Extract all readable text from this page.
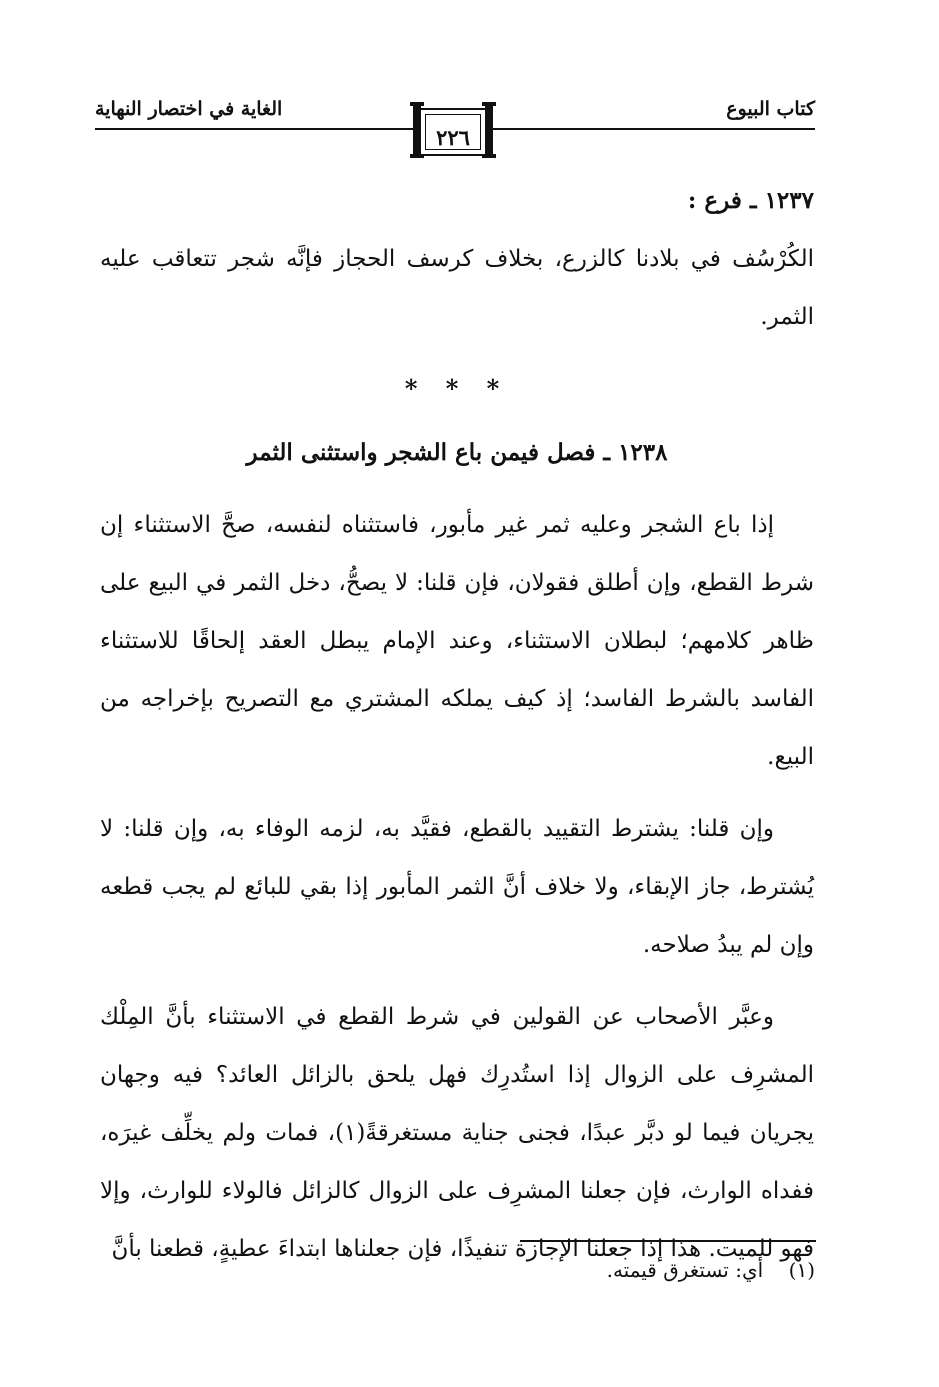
كتاب البيوع
الغاية في اختصار النهاية
٢٢٦

١٢٣٧ ـ فرع :

الكُرْسُف في بلادنا كالزرع، بخلاف كرسف الحجاز فإنَّه شجر تتعاقب عليه الثمر.

* * *

١٢٣٨ ـ فصل فيمن باع الشجر واستثنى الثمر

إذا باع الشجر وعليه ثمر غير مأبور، فاستثناه لنفسه، صحَّ الاستثناء إن شرط القطع، وإن أطلق فقولان، فإن قلنا: لا يصحُّ، دخل الثمر في البيع على ظاهر كلامهم؛ لبطلان الاستثناء، وعند الإمام يبطل العقد إلحاقًا للاستثناء الفاسد بالشرط الفاسد؛ إذ كيف يملكه المشتري مع التصريح بإخراجه من البيع.

وإن قلنا: يشترط التقييد بالقطع، فقيَّد به، لزمه الوفاء به، وإن قلنا: لا يُشترط، جاز الإبقاء، ولا خلاف أنَّ الثمر المأبور إذا بقي للبائع لم يجب قطعه وإن لم يبدُ صلاحه.

وعبَّر الأصحاب عن القولين في شرط القطع في الاستثناء بأنَّ المِلْك المشرِف على الزوال إذا استُدرِك فهل يلحق بالزائل العائد؟ فيه وجهان يجريان فيما لو دبَّر عبدًا، فجنى جناية مستغرقةً(١)، فمات ولم يخلِّف غيرَه، ففداه الوارث، فإن جعلنا المشرِف على الزوال كالزائل فالولاء للوارث، وإلا فهو للميت. هذا إذا جعلنا الإجازة تنفيذًا، فإن جعلناها ابتداءَ عطيةٍ، قطعنا بأنَّ

(١)    أي: تستغرق قيمته.
